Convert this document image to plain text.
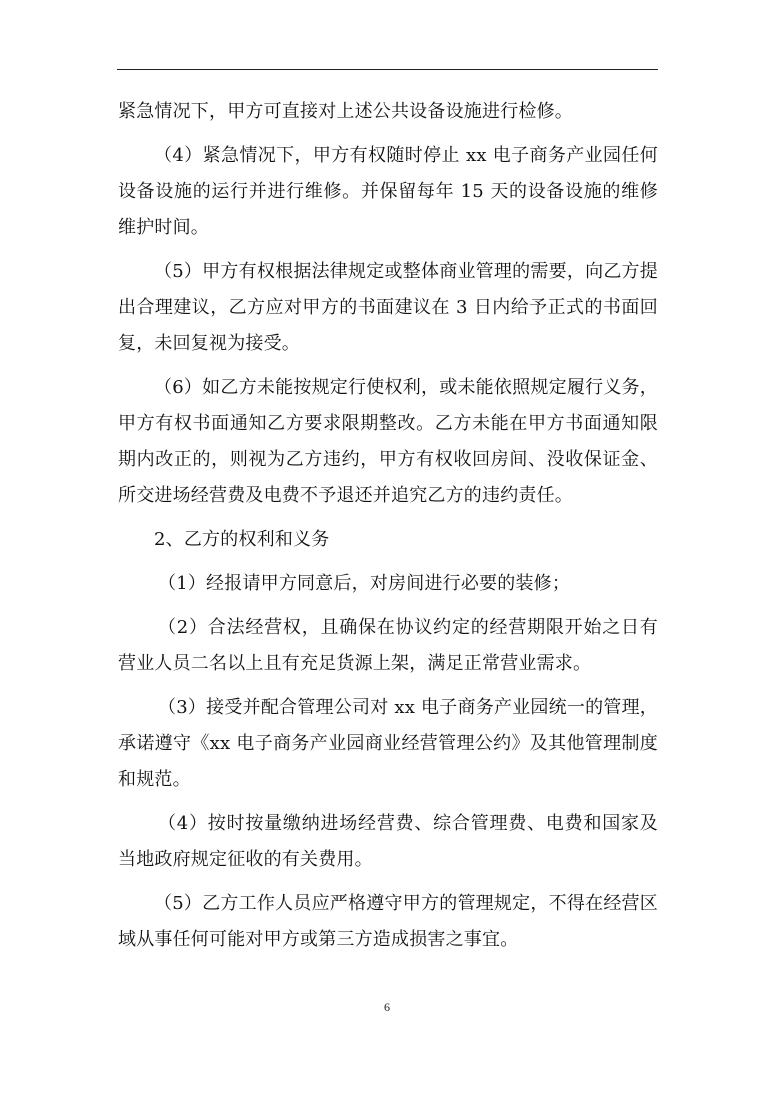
紧急情况下，甲方可直接对上述公共设备设施进行检修。

（4）紧急情况下，甲方有权随时停止 xx 电子商务产业园任何设备设施的运行并进行维修。并保留每年 15 天的设备设施的维修维护时间。

（5）甲方有权根据法律规定或整体商业管理的需要，向乙方提出合理建议，乙方应对甲方的书面建议在 3 日内给予正式的书面回复，未回复视为接受。

（6）如乙方未能按规定行使权利，或未能依照规定履行义务，甲方有权书面通知乙方要求限期整改。乙方未能在甲方书面通知限期内改正的，则视为乙方违约，甲方有权收回房间、没收保证金、所交进场经营费及电费不予退还并追究乙方的违约责任。

2、乙方的权利和义务

（1）经报请甲方同意后，对房间进行必要的装修；

（2）合法经营权，且确保在协议约定的经营期限开始之日有营业人员二名以上且有充足货源上架，满足正常营业需求。

（3）接受并配合管理公司对 xx 电子商务产业园统一的管理，承诺遵守《xx 电子商务产业园商业经营管理公约》及其他管理制度和规范。

（4）按时按量缴纳进场经营费、综合管理费、电费和国家及当地政府规定征收的有关费用。

（5）乙方工作人员应严格遵守甲方的管理规定，不得在经营区域从事任何可能对甲方或第三方造成损害之事宜。

6
